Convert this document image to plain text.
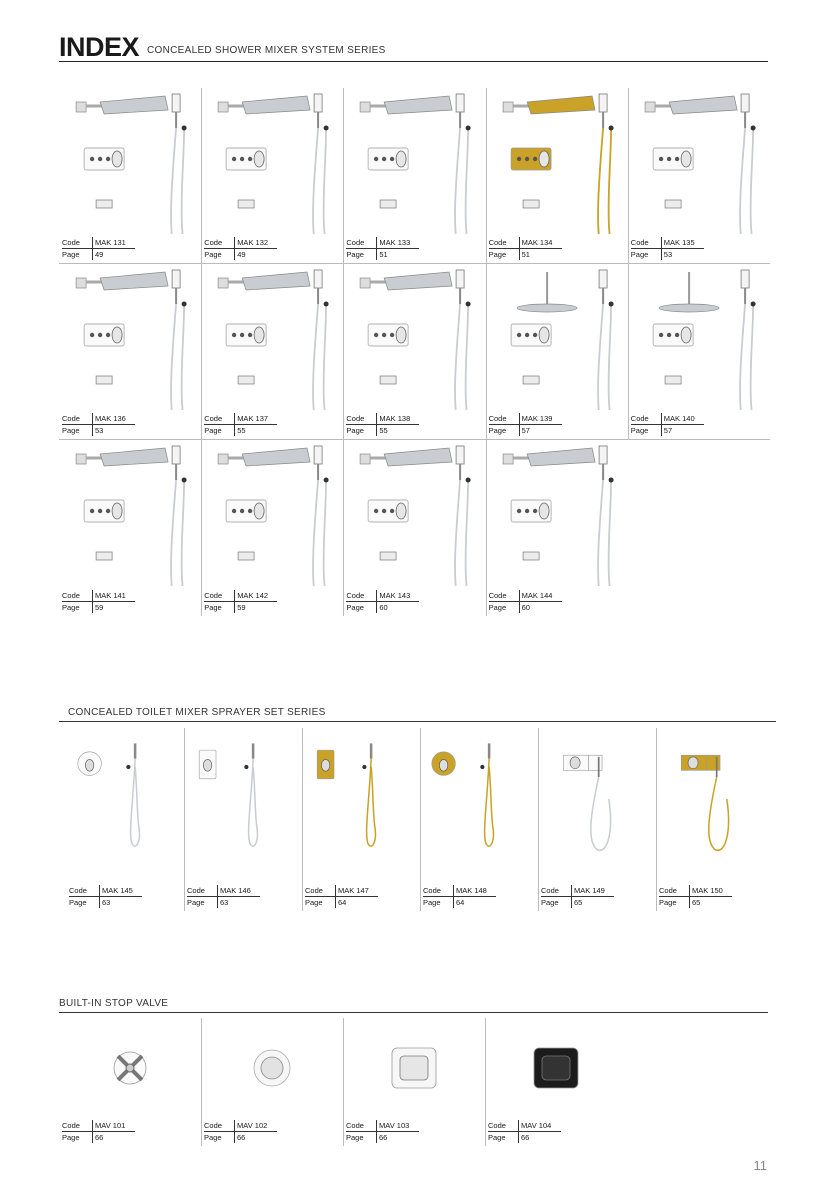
INDEX CONCEALED SHOWER MIXER SYSTEM SERIES
Code	MAK 131
Page	49
Code	MAK 132
Page	49
Code	MAK 133
Page	51
Code	MAK 134
Page	51
Code	MAK 135
Page	53
Code	MAK 136
Page	53
Code	MAK 137
Page	55
Code	MAK 138
Page	55
Code	MAK 139
Page	57
Code	MAK 140
Page	57
Code	MAK 141
Page	59
Code	MAK 142
Page	59
Code	MAK 143
Page	60
Code	MAK 144
Page	60
CONCEALED TOILET MIXER SPRAYER SET SERIES
Code	MAK 145
Page	63
Code	MAK 146
Page	63
Code	MAK 147
Page	64
Code	MAK 148
Page	64
Code	MAK 149
Page	65
Code	MAK 150
Page	65
BUILT-IN STOP VALVE
Code	MAV 101
Page	66
Code	MAV 102
Page	66
Code	MAV 103
Page	66
Code	MAV 104
Page	66
11
